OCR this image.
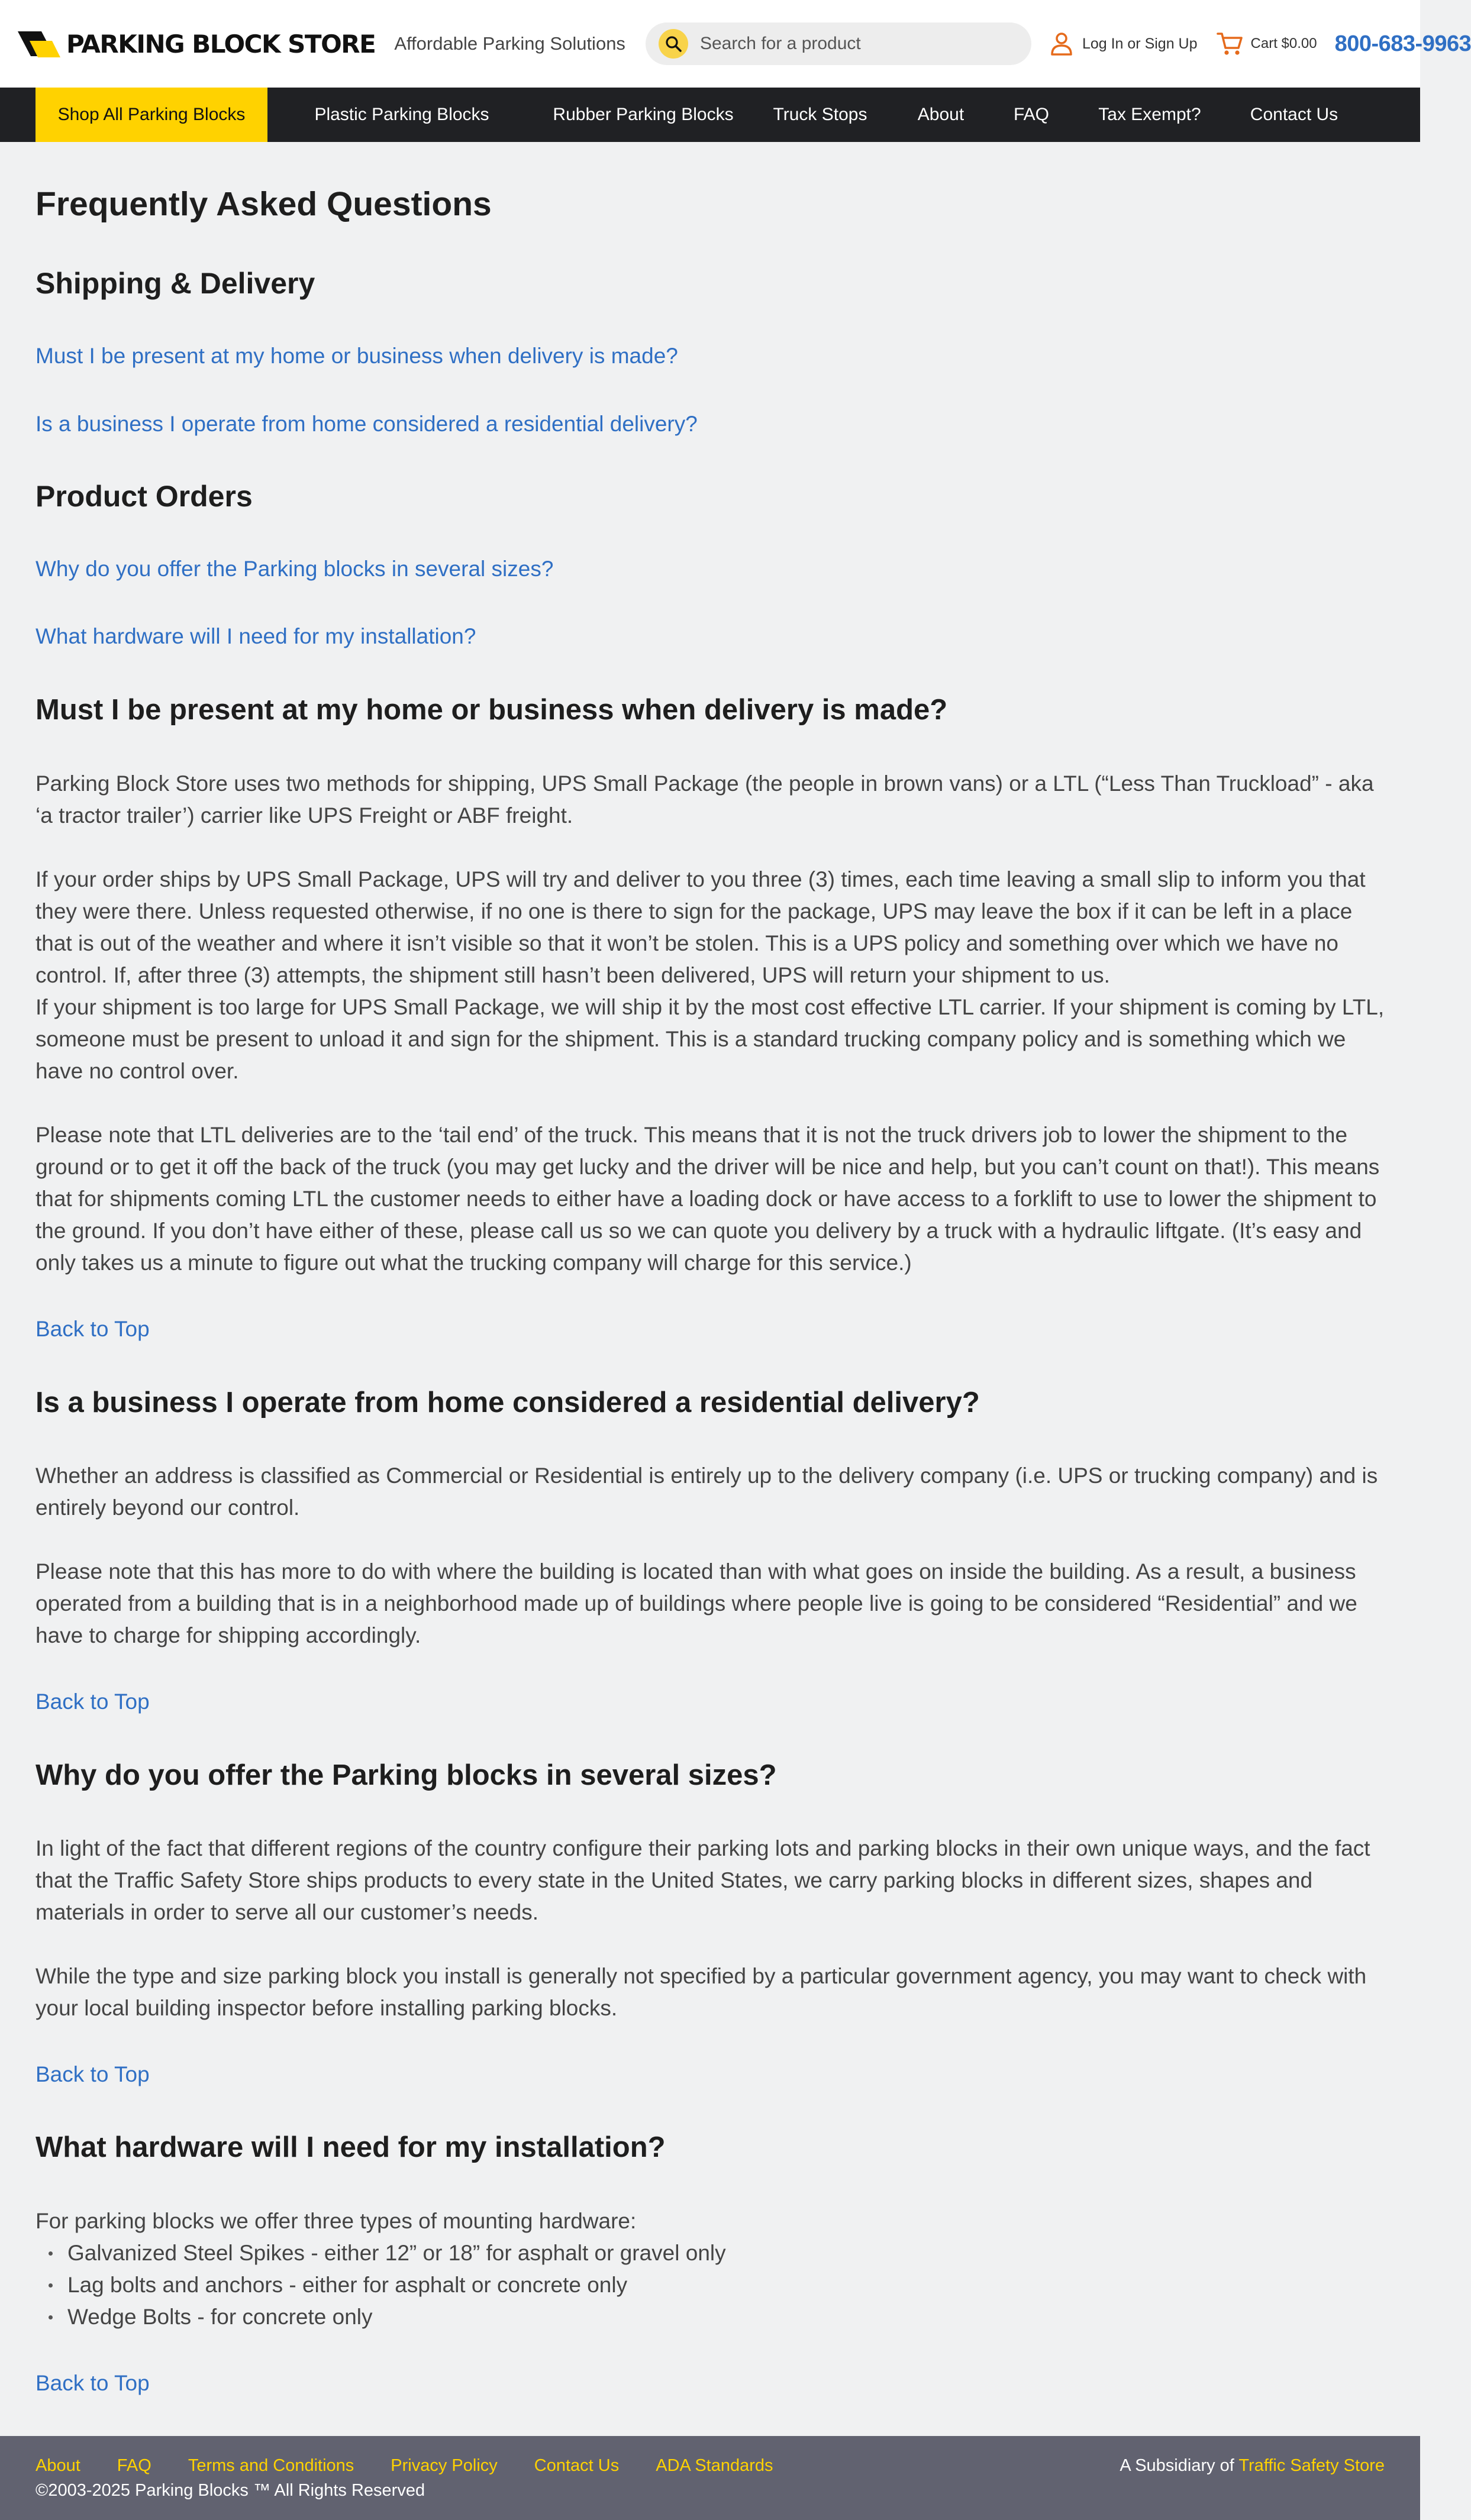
PARKING BLOCK STORE Affordable Parking Solutions
Search for a product	Log In or Sign Up	Cart $0.00 800-683-9963
Shop All Parking Blocks	Plastic Parking Blocks	Rubber Parking Blocks	Truck Stops	About	FAQ	Tax Exempt?	Contact Us
Frequently Asked Questions
Shipping & Delivery
Must I be present at my home or business when delivery is made?
Is a business I operate from home considered a residential delivery?
Product Orders
Why do you offer the Parking blocks in several sizes?
What hardware will I need for my installation?
Must I be present at my home or business when delivery is made?

Parking Block Store uses two methods for shipping, UPS Small Package (the people in brown vans) or a LTL (“Less Than Truckload” - aka ‘a tractor trailer’) carrier like UPS Freight or ABF freight.

If your order ships by UPS Small Package, UPS will try and deliver to you three (3) times, each time leaving a small slip to inform you that they were there. Unless requested otherwise, if no one is there to sign for the package, UPS may leave the box if it can be left in a place that is out of the weather and where it isn’t visible so that it won’t be stolen. This is a UPS policy and something over which we have no control. If, after three (3) attempts, the shipment still hasn’t been delivered, UPS will return your shipment to us.

If your shipment is too large for UPS Small Package, we will ship it by the most cost effective LTL carrier. If your shipment is coming by LTL, someone must be present to unload it and sign for the shipment. This is a standard trucking company policy and is something which we have no control over.

Please note that LTL deliveries are to the ‘tail end’ of the truck. This means that it is not the truck drivers job to lower the shipment to the ground or to get it off the back of the truck (you may get lucky and the driver will be nice and help, but you can’t count on that!). This means that for shipments coming LTL the customer needs to either have a loading dock or have access to a forklift to use to lower the shipment to the ground. If you don’t have either of these, please call us so we can quote you delivery by a truck with a hydraulic liftgate. (It’s easy and only takes us a minute to figure out what the trucking company will charge for this service.)

Back to Top
Is a business I operate from home considered a residential delivery?

Whether an address is classified as Commercial or Residential is entirely up to the delivery company (i.e. UPS or trucking company) and is entirely beyond our control.

Please note that this has more to do with where the building is located than with what goes on inside the building. As a result, a business operated from a building that is in a neighborhood made up of buildings where people live is going to be considered “Residential” and we have to charge for shipping accordingly.

Back to Top
Why do you offer the Parking blocks in several sizes?

In light of the fact that different regions of the country configure their parking lots and parking blocks in their own unique ways, and the fact that the Traffic Safety Store ships products to every state in the United States, we carry parking blocks in different sizes, shapes and materials in order to serve all our customer’s needs.

While the type and size parking block you install is generally not specified by a particular government agency, you may want to check with your local building inspector before installing parking blocks.

Back to Top
What hardware will I need for my installation?

For parking blocks we offer three types of mounting hardware:

Galvanized Steel Spikes - either 12” or 18” for asphalt or gravel only
Lag bolts and anchors - either for asphalt or concrete only
Wedge Bolts - for concrete only
Back to Top
About FAQ Terms and Conditions Privacy Policy Contact Us ADA Standards
©2003-2025 Parking Blocks ™ All Rights Reserved
A Subsidiary of Traffic Safety Store
